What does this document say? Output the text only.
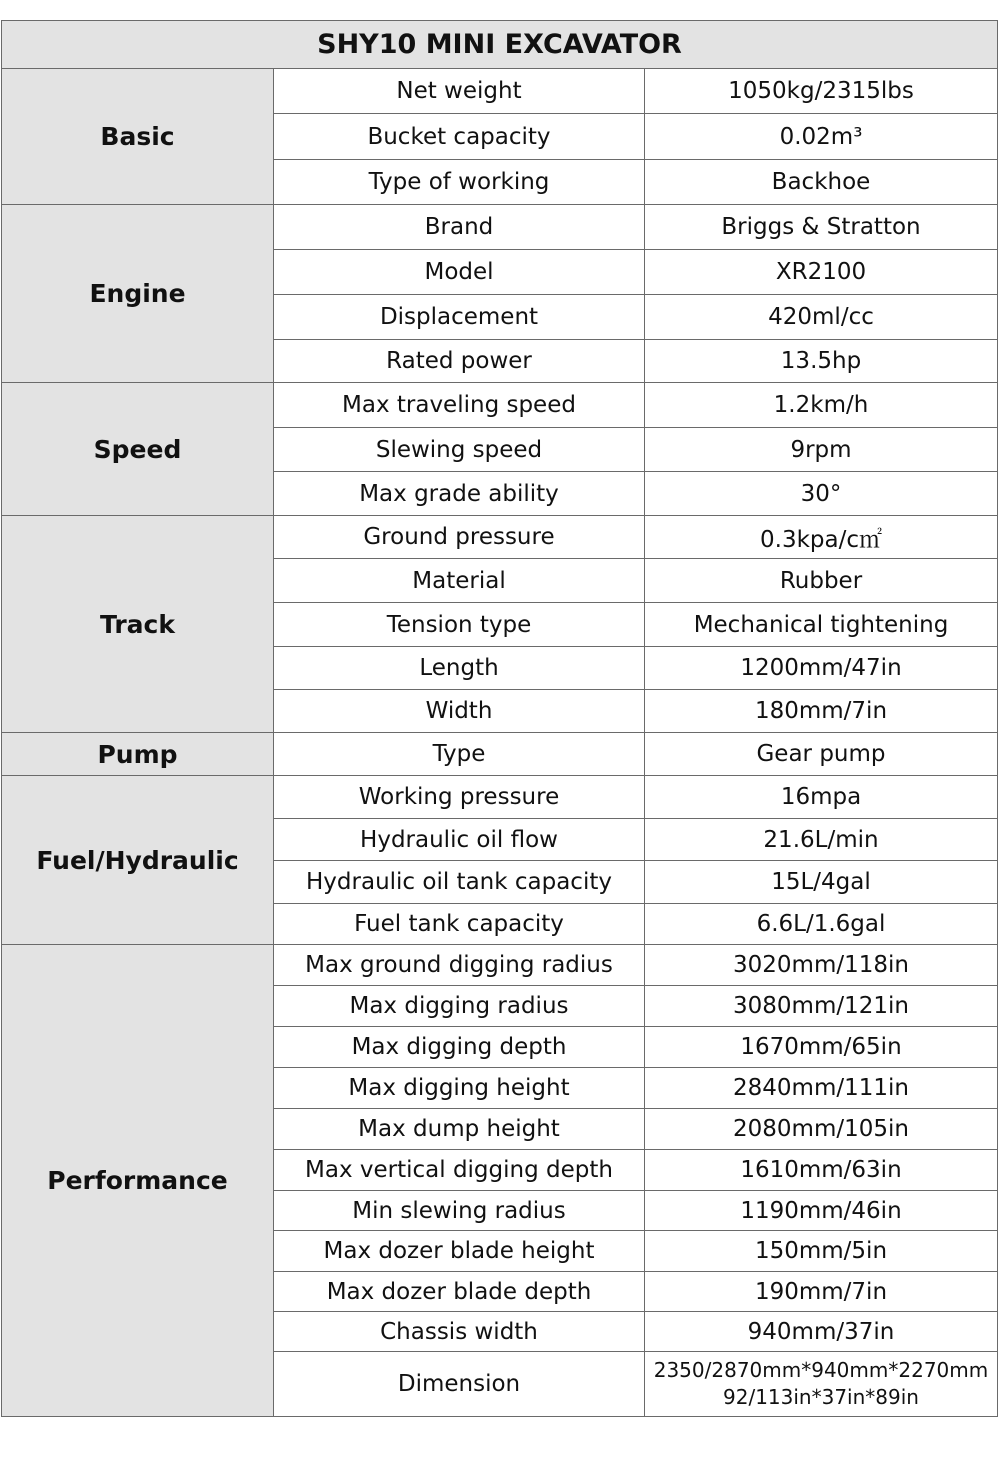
SHY10 MINI EXCAVATOR		
Basic	Net weight	1050kg/2315lbs
	Bucket capacity	0.02m³
	Type of working	Backhoe
Engine	Brand	Briggs & Stratton
	Model	XR2100
	Displacement	420ml/cc
	Rated power	13.5hp
Speed	Max traveling speed	1.2km/h
	Slewing speed	9rpm
	Max grade ability	30°
Track	Ground pressure	0.3kpa/c㎡
	Material	Rubber
	Tension type	Mechanical tightening
	Length	1200mm/47in
	Width	180mm/7in
Pump	Type	Gear pump
Fuel/Hydraulic	Working pressure	16mpa
	Hydraulic oil flow	21.6L/min
	Hydraulic oil tank capacity	15L/4gal
	Fuel tank capacity	6.6L/1.6gal
Performance	Max ground digging radius	3020mm/118in
	Max digging radius	3080mm/121in
	Max digging depth	1670mm/65in
	Max digging height	2840mm/111in
	Max dump height	2080mm/105in
	Max vertical digging depth	1610mm/63in
	Min slewing radius	1190mm/46in
	Max dozer blade height	150mm/5in
	Max dozer blade depth	190mm/7in
	Chassis width	940mm/37in
	Dimension	2350/2870mm*940mm*2270mm
92/113in*37in*89in
